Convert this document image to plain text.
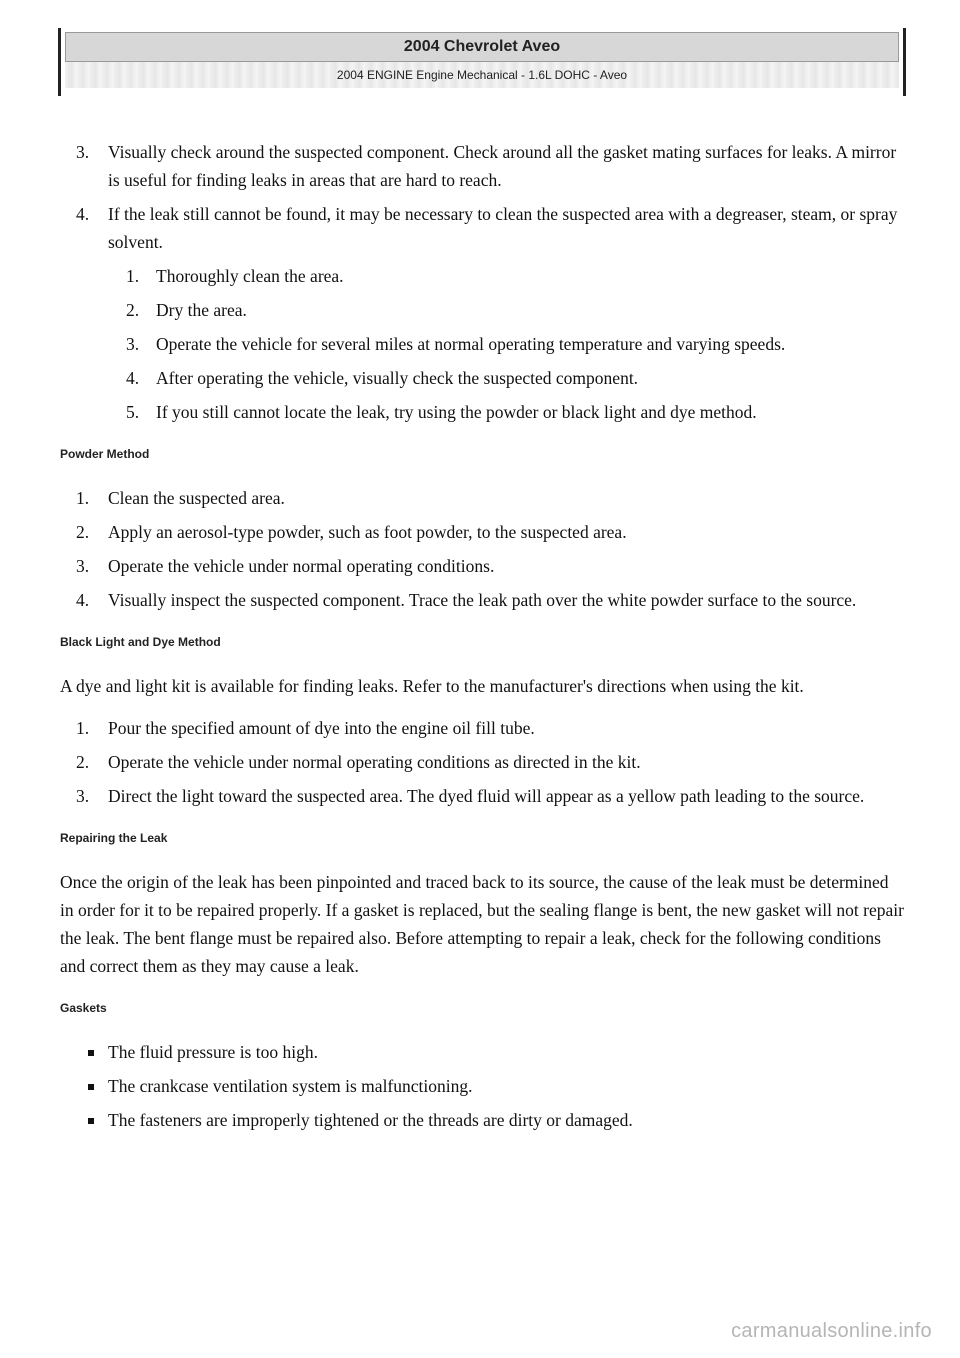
2004 Chevrolet Aveo
2004 ENGINE Engine Mechanical - 1.6L DOHC - Aveo
3. Visually check around the suspected component. Check around all the gasket mating surfaces for leaks. A mirror is useful for finding leaks in areas that are hard to reach.
4. If the leak still cannot be found, it may be necessary to clean the suspected area with a degreaser, steam, or spray solvent.
1. Thoroughly clean the area.
2. Dry the area.
3. Operate the vehicle for several miles at normal operating temperature and varying speeds.
4. After operating the vehicle, visually check the suspected component.
5. If you still cannot locate the leak, try using the powder or black light and dye method.
Powder Method
1. Clean the suspected area.
2. Apply an aerosol-type powder, such as foot powder, to the suspected area.
3. Operate the vehicle under normal operating conditions.
4. Visually inspect the suspected component. Trace the leak path over the white powder surface to the source.
Black Light and Dye Method

A dye and light kit is available for finding leaks. Refer to the manufacturer's directions when using the kit.

1. Pour the specified amount of dye into the engine oil fill tube.
2. Operate the vehicle under normal operating conditions as directed in the kit.
3. Direct the light toward the suspected area. The dyed fluid will appear as a yellow path leading to the source.
Repairing the Leak

Once the origin of the leak has been pinpointed and traced back to its source, the cause of the leak must be determined in order for it to be repaired properly. If a gasket is replaced, but the sealing flange is bent, the new gasket will not repair the leak. The bent flange must be repaired also. Before attempting to repair a leak, check for the following conditions and correct them as they may cause a leak.

Gaskets
The fluid pressure is too high.
The crankcase ventilation system is malfunctioning.
The fasteners are improperly tightened or the threads are dirty or damaged.
carmanualsonline.info
